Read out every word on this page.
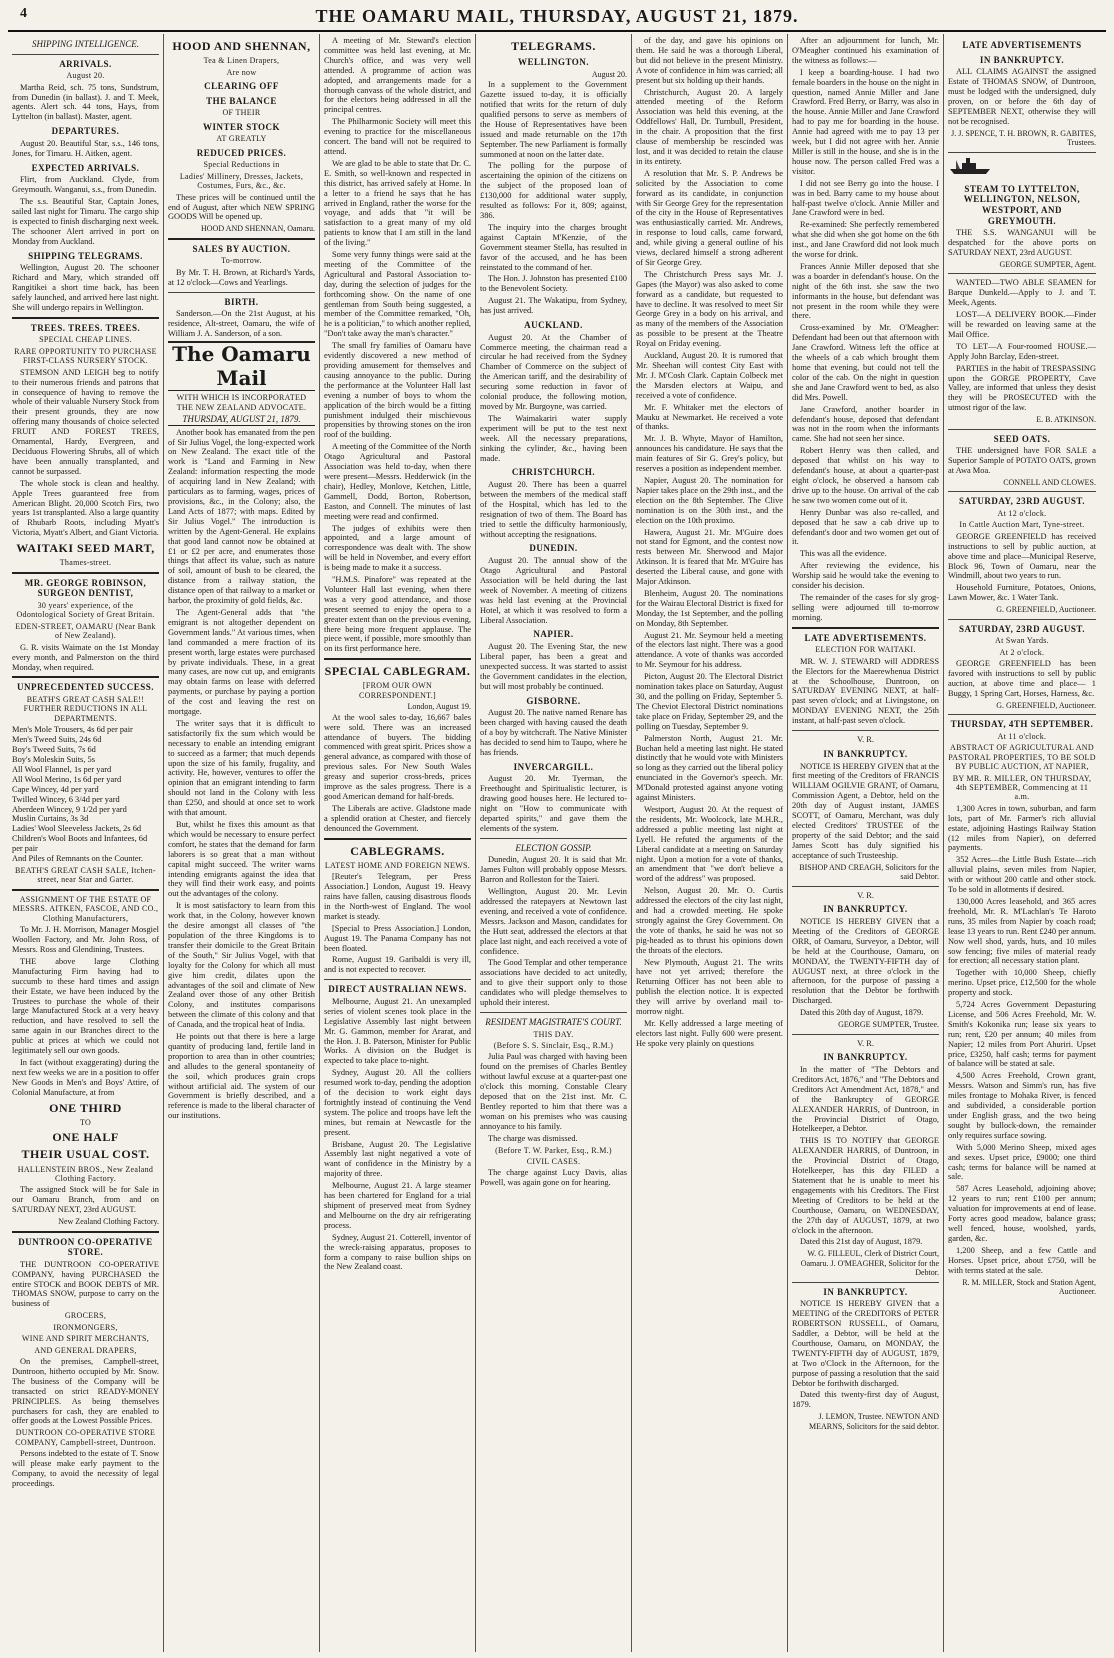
4	THE OAMARU MAIL, THURSDAY, AUGUST 21, 1879.
SHIPPING INTELLIGENCE.
ARRIVALS.
August 20.

Martha Reid, sch. 75 tons, Sundstrum, from Dunedin (in ballast). J. and T. Meek, agents. Alert sch. 44 tons, Hays, from Lyttelton (in ballast). Master, agent.

DEPARTURES.

August 20. Beautiful Star, s.s., 146 tons, Jones, for Timaru. H. Aitken, agent.

EXPECTED ARRIVALS.

Flirt, from Auckland. Clyde, from Greymouth. Wanganui, s.s., from Dunedin.

The s.s. Beautiful Star, Captain Jones, sailed last night for Timaru. The cargo ship is expected to finish discharging next week. The schooner Alert arrived in port on Monday from Auckland.

SHIPPING TELEGRAMS.

Wellington, August 20. The schooner Richard and Mary, which stranded off Rangitikei a short time back, has been safely launched, and arrived here last night. She will undergo repairs in Wellington.

TREES. TREES. TREES.
SPECIAL CHEAP LINES.
RARE OPPORTUNITY TO PURCHASE FIRST-CLASS NURSERY STOCK.

STEMSON AND LEIGH beg to notify to their numerous friends and patrons that in consequence of having to remove the whole of their valuable Nursery Stock from their present grounds, they are now offering many thousands of choice selected FRUIT AND FOREST TREES, Ornamental, Hardy, Evergreen, and Deciduous Flowering Shrubs, all of which have been annually transplanted, and cannot be surpassed.

The whole stock is clean and healthy. Apple Trees guaranteed free from American Blight. 20,000 Scotch Firs, two years 1st transplanted. Also a large quantity of Rhubarb Roots, including Myatt's Victoria, Myatt's Albert, and Giant Victoria.

WAITAKI SEED MART,
Thames-street.
MR. GEORGE ROBINSON, SURGEON DENTIST,
30 years' experience, of the Odontological Society of Great Britain.
EDEN-STREET, OAMARU (Near Bank of New Zealand).

G. R. visits Waimate on the 1st Monday every month, and Palmerston on the third Monday, when required.

UNPRECEDENTED SUCCESS.
BEATH'S GREAT CASH SALE!! FURTHER REDUCTIONS IN ALL DEPARTMENTS.
Men's Mole Trousers, 4s 6d per pair
Men's Tweed Suits, 24s 6d
Boy's Tweed Suits, 7s 6d
Boy's Moleskin Suits, 5s
All Wool Flannel, 1s per yard
All Wool Merino, 1s 6d per yard
Cape Wincey, 4d per yard
Twilled Wincey, 6 3/4d per yard
Aberdeen Wincey, 9 1/2d per yard
Muslin Curtains, 3s 3d
Ladies' Wool Sleeveless Jackets, 2s 6d
Children's Wool Boots and Infantees, 6d per pair
And Piles of Remnants on the Counter.
BEATH'S GREAT CASH SALE, Itchen-street, near Star and Garter.
ASSIGNMENT OF THE ESTATE OF MESSRS. AITKEN, FASCOE, AND CO., Clothing Manufacturers,

To Mr. J. H. Morrison, Manager Mosgiel Woollen Factory, and Mr. John Ross, of Messrs. Ross and Glendining, Trustees.

THE above large Clothing Manufacturing Firm having had to succumb to these hard times and assign their Estate, we have been induced by the Trustees to purchase the whole of their large Manufactured Stock at a very heavy reduction, and have resolved to sell the same again in our Branches direct to the public at prices at which we could not legitimately sell our own goods.

In fact (without exaggerating) during the next few weeks we are in a position to offer New Goods in Men's and Boys' Attire, of Colonial Manufacture, at from

ONE THIRD
TO
ONE HALF
THEIR USUAL COST.
HALLENSTEIN BROS., New Zealand Clothing Factory.

The assigned Stock will be for Sale in our Oamaru Branch, from and on SATURDAY NEXT, 23rd AUGUST.

New Zealand Clothing Factory.
DUNTROON CO-OPERATIVE STORE.

THE DUNTROON CO-OPERATIVE COMPANY, having PURCHASED the entire STOCK and BOOK DEBTS of MR. THOMAS SNOW, purpose to carry on the business of

GROCERS,
IRONMONGERS,
WINE AND SPIRIT MERCHANTS,
AND GENERAL DRAPERS,

On the premises, Campbell-street, Duntroon, hitherto occupied by Mr. Snow. The business of the Company will be transacted on strict READY-MONEY PRINCIPLES. As being themselves purchasers for cash, they are enabled to offer goods at the Lowest Possible Prices.

DUNTROON CO-OPERATIVE STORE COMPANY, Campbell-street, Duntroon.

Persons indebted to the estate of T. Snow will please make early payment to the Company, to avoid the necessity of legal proceedings.

HOOD AND SHENNAN,
Tea & Linen Drapers,
Are now
CLEARING OFF
THE BALANCE
OF THEIR
WINTER STOCK
AT GREATLY
REDUCED PRICES.
Special Reductions in
Ladies' Millinery, Dresses, Jackets, Costumes, Furs, &c., &c.

These prices will be continued until the end of August, after which NEW SPRING GOODS Will be opened up.

HOOD AND SHENNAN, Oamaru.
SALES BY AUCTION.
To-morrow.

By Mr. T. H. Brown, at Richard's Yards, at 12 o'clock—Cows and Yearlings.

BIRTH.

Sanderson.—On the 21st August, at his residence, Alt-street, Oamaru, the wife of William J. A. Sanderson, of a son.

The Oamaru Mail
WITH WHICH IS INCORPORATED THE NEW ZEALAND ADVOCATE.
THURSDAY, AUGUST 21, 1879.

Another book has emanated from the pen of Sir Julius Vogel, the long-expected work on New Zealand. The exact title of the work is "Land and Farming in New Zealand: information respecting the mode of acquiring land in New Zealand; with particulars as to farming, wages, prices of provisions, &c., in the Colony; also, the Land Acts of 1877; with maps. Edited by Sir Julius Vogel." The introduction is written by the Agent-General. He explains that good land cannot now be obtained at £1 or £2 per acre, and enumerates those things that affect its value, such as nature of soil, amount of bush to be cleared, the distance from a railway station, the distance open of that railway to a market or harbor, the proximity of gold fields, &c.

The Agent-General adds that "the emigrant is not altogether dependent on Government lands." At various times, when land commanded a mere fraction of its present worth, large estates were purchased by private individuals. These, in a great many cases, are now cut up, and emigrants may obtain farms on lease with deferred payments, or purchase by paying a portion of the cost and leaving the rest on mortgage.

The writer says that it is difficult to satisfactorily fix the sum which would be necessary to enable an intending emigrant to succeed as a farmer; that much depends upon the size of his family, frugality, and activity. He, however, ventures to offer the opinion that an emigrant intending to farm should not land in the Colony with less than £250, and should at once set to work with that amount.

But, whilst he fixes this amount as that which would be necessary to ensure perfect comfort, he states that the demand for farm laborers is so great that a man without capital might succeed. The writer warns intending emigrants against the idea that they will find their work easy, and points out the advantages of the colony.

It is most satisfactory to learn from this work that, in the Colony, however known the desire amongst all classes of "the population of the three Kingdoms is to transfer their domicile to the Great Britain of the South," Sir Julius Vogel, with that loyalty for the Colony for which all must give him credit, dilates upon the advantages of the soil and climate of New Zealand over those of any other British Colony, and institutes comparisons between the climate of this colony and that of Canada, and the tropical heat of India.

He points out that there is here a large quantity of producing land, fertile land in proportion to area than in other countries; and alludes to the general spontaneity of the soil, which produces grain crops without artificial aid. The system of our Government is briefly described, and a reference is made to the liberal character of our institutions.

A meeting of Mr. Steward's election committee was held last evening, at Mr. Church's office, and was very well attended. A programme of action was adopted, and arrangements made for a thorough canvass of the whole district, and for the electors being addressed in all the principal centres.

The Philharmonic Society will meet this evening to practice for the miscellaneous concert. The band will not be required to attend.

We are glad to be able to state that Dr. C. E. Smith, so well-known and respected in this district, has arrived safely at Home. In a letter to a friend he says that he has arrived in England, rather the worse for the voyage, and adds that "it will be satisfaction to a great many of my old patients to know that I am still in the land of the living."

Some very funny things were said at the meeting of the Committee of the Agricultural and Pastoral Association to-day, during the selection of judges for the forthcoming show. On the name of one gentleman from South being suggested, a member of the Committee remarked, "Oh, he is a politician," to which another replied, "Don't take away the man's character."

The small fry families of Oamaru have evidently discovered a new method of providing amusement for themselves and causing annoyance to the public. During the performance at the Volunteer Hall last evening a number of boys to whom the application of the birch would be a fitting punishment indulged their mischievous propensities by throwing stones on the iron roof of the building.

A meeting of the Committee of the North Otago Agricultural and Pastoral Association was held to-day, when there were present—Messrs. Hedderwick (in the chair), Hedley, Monlove, Ketchen, Little, Gammell, Dodd, Borton, Robertson, Easton, and Connell. The minutes of last meeting were read and confirmed.

The judges of exhibits were then appointed, and a large amount of correspondence was dealt with. The show will be held in November, and every effort is being made to make it a success.

"H.M.S. Pinafore" was repeated at the Volunteer Hall last evening, when there was a very good attendance, and those present seemed to enjoy the opera to a greater extent than on the previous evening, there being more frequent applause. The piece went, if possible, more smoothly than on its first performance here.

SPECIAL CABLEGRAM.
[FROM OUR OWN CORRESPONDENT.]
London, August 19.

At the wool sales to-day, 16,667 bales were sold. There was an increased attendance of buyers. The bidding commenced with great spirit. Prices show a general advance, as compared with those of previous sales. For New South Wales greasy and superior cross-breds, prices improve as the sales progress. There is a good American demand for half-breds.

The Liberals are active. Gladstone made a splendid oration at Chester, and fiercely denounced the Government.

CABLEGRAMS.
LATEST HOME AND FOREIGN NEWS.

[Reuter's Telegram, per Press Association.] London, August 19. Heavy rains have fallen, causing disastrous floods in the North-west of England. The wool market is steady.

[Special to Press Association.] London, August 19. The Panama Company has not been floated.

Rome, August 19. Garibaldi is very ill, and is not expected to recover.

DIRECT AUSTRALIAN NEWS.

Melbourne, August 21. An unexampled series of violent scenes took place in the Legislative Assembly last night between Mr. G. Gammon, member for Ararat, and the Hon. J. B. Paterson, Minister for Public Works. A division on the Budget is expected to take place to-night.

Sydney, August 20. All the colliers resumed work to-day, pending the adoption of the decision to work eight days fortnightly instead of continuing the Vend system. The police and troops have left the mines, but remain at Newcastle for the present.

Brisbane, August 20. The Legislative Assembly last night negatived a vote of want of confidence in the Ministry by a majority of three.

Melbourne, August 21. A large steamer has been chartered for England for a trial shipment of preserved meat from Sydney and Melbourne on the dry air refrigerating process.

Sydney, August 21. Cotterell, inventor of the wreck-raising apparatus, proposes to form a company to raise bullion ships on the New Zealand coast.

TELEGRAMS.
WELLINGTON.
August 20.

In a supplement to the Government Gazette issued to-day, it is officially notified that writs for the return of duly qualified persons to serve as members of the House of Representatives have been issued and made returnable on the 17th September. The new Parliament is formally summoned at noon on the latter date.

The polling for the purpose of ascertaining the opinion of the citizens on the subject of the proposed loan of £130,000 for additional water supply, resulted as follows: For it, 809; against, 386.

The inquiry into the charges brought against Captain M'Kenzie, of the Government steamer Stella, has resulted in favor of the accused, and he has been reinstated to the command of her.

The Hon. J. Johnston has presented £100 to the Benevolent Society.

August 21. The Wakatipu, from Sydney, has just arrived.

AUCKLAND.

August 20. At the Chamber of Commerce meeting, the chairman read a circular he had received from the Sydney Chamber of Commerce on the subject of the American tariff, and the desirability of securing some reduction in favor of colonial produce, the following motion, moved by Mr. Burgoyne, was carried.

The Waimakariri water supply experiment will be put to the test next week. All the necessary preparations, sinking the cylinder, &c., having been made.

CHRISTCHURCH.

August 20. There has been a quarrel between the members of the medical staff of the Hospital, which has led to the resignation of two of them. The Board has tried to settle the difficulty harmoniously, without accepting the resignations.

DUNEDIN.

August 20. The annual show of the Otago Agricultural and Pastoral Association will be held during the last week of November. A meeting of citizens was held last evening at the Provincial Hotel, at which it was resolved to form a Liberal Association.

NAPIER.

August 20. The Evening Star, the new Liberal paper, has been a great and unexpected success. It was started to assist the Government candidates in the election, but will most probably be continued.

GISBORNE.

August 20. The native named Renare has been charged with having caused the death of a boy by witchcraft. The Native Minister has decided to send him to Taupo, where he has friends.

INVERCARGILL.

August 20. Mr. Tyerman, the Freethought and Spiritualistic lecturer, is drawing good houses here. He lectured to-night on "How to communicate with departed spirits," and gave them the elements of the system.

ELECTION GOSSIP.

Dunedin, August 20. It is said that Mr. James Fulton will probably oppose Messrs. Barron and Rolleston for the Taieri.

Wellington, August 20. Mr. Levin addressed the ratepayers at Newtown last evening, and received a vote of confidence. Messrs. Jackson and Mason, candidates for the Hutt seat, addressed the electors at that place last night, and each received a vote of confidence.

The Good Templar and other temperance associations have decided to act unitedly, and to give their support only to those candidates who will pledge themselves to uphold their interest.

RESIDENT MAGISTRATE'S COURT.
THIS DAY.
(Before S. S. Sinclair, Esq., R.M.)

Julia Paul was charged with having been found on the premises of Charles Bentley without lawful excuse at a quarter-past one o'clock this morning. Constable Cleary deposed that on the 21st inst. Mr. C. Bentley reported to him that there was a woman on his premises who was causing annoyance to his family.

The charge was dismissed.

(Before T. W. Parker, Esq., R.M.)
CIVIL CASES.

The charge against Lucy Davis, alias Powell, was again gone on for hearing.

of the day, and gave his opinions on them. He said he was a thorough Liberal, but did not believe in the present Ministry. A vote of confidence in him was carried; all present but six holding up their hands.

Christchurch, August 20. A largely attended meeting of the Reform Association was held this evening, at the Oddfellows' Hall, Dr. Turnbull, President, in the chair. A proposition that the first clause of membership be rescinded was lost, and it was decided to retain the clause in its entirety.

A resolution that Mr. S. P. Andrews be solicited by the Association to come forward as its candidate, in conjunction with Sir George Grey for the representation of the city in the House of Representatives was enthusiastically carried. Mr. Andrews, in response to loud calls, came forward, and, while giving a general outline of his views, declared himself a strong adherent of Sir George Grey.

The Christchurch Press says Mr. J. Gapes (the Mayor) was also asked to come forward as a candidate, but requested to have to decline. It was resolved to meet Sir George Grey in a body on his arrival, and as many of the members of the Association as possible to be present at the Theatre Royal on Friday evening.

Auckland, August 20. It is rumored that Mr. Sheehan will contest City East with Mr. J. M'Cosh Clark. Captain Colbeck met the Marsden electors at Waipu, and received a vote of confidence.

Mr. F. Whitaker met the electors of Mauku at Newmarket. He received a vote of thanks.

Mr. J. B. Whyte, Mayor of Hamilton, announces his candidature. He says that the main features of Sir G. Grey's policy, but reserves a position as independent member.

Napier, August 20. The nomination for Napier takes place on the 29th inst., and the election on the 8th September. The Clive nomination is on the 30th inst., and the election on the 10th proximo.

Hawera, August 21. Mr. M'Guire does not stand for Egmont, and the contest now rests between Mr. Sherwood and Major Atkinson. It is feared that Mr. M'Guire has deserted the Liberal cause, and gone with Major Atkinson.

Blenheim, August 20. The nominations for the Wairau Electoral District is fixed for Monday, the 1st September, and the polling on Monday, 8th September.

August 21. Mr. Seymour held a meeting of the electors last night. There was a good attendance. A vote of thanks was accorded to Mr. Seymour for his address.

Picton, August 20. The Electoral District nomination takes place on Saturday, August 30, and the polling on Friday, September 5. The Cheviot Electoral District nominations take place on Friday, September 29, and the polling on Tuesday, September 9.

Palmerston North, August 21. Mr. Buchan held a meeting last night. He stated distinctly that he would vote with Ministers so long as they carried out the liberal policy enunciated in the Governor's speech. Mr. M'Donald protested against anyone voting against Ministers.

Westport, August 20. At the request of the residents, Mr. Woolcock, late M.H.R., addressed a public meeting last night at Lyell. He refuted the arguments of the Liberal candidate at a meeting on Saturday night. Upon a motion for a vote of thanks, an amendment that "we don't believe a word of the address" was proposed.

Nelson, August 20. Mr. O. Curtis addressed the electors of the city last night, and had a crowded meeting. He spoke strongly against the Grey Government. On the vote of thanks, he said he was not so pig-headed as to thrust his opinions down the throats of the electors.

New Plymouth, August 21. The writs have not yet arrived; therefore the Returning Officer has not been able to publish the election notice. It is expected they will arrive by overland mail to-morrow night.

Mr. Kelly addressed a large meeting of electors last night. Fully 600 were present. He spoke very plainly on questions

After an adjournment for lunch, Mr. O'Meagher continued his examination of the witness as follows:—

I keep a boarding-house. I had two female boarders in the house on the night in question, named Annie Miller and Jane Crawford. Fred Berry, or Barry, was also in the house. Annie Miller and Jane Crawford had to pay me for boarding in the house. Annie had agreed with me to pay 13 per week, but I did not agree with her. Annie Miller is still in the house, and she is in the house now. The person called Fred was a visitor.

I did not see Berry go into the house. I was in bed. Barry came to my house about half-past twelve o'clock. Annie Miller and Jane Crawford were in bed.

Re-examined: She perfectly remembered what she did when she got home on the 6th inst., and Jane Crawford did not look much the worse for drink.

Frances Annie Miller deposed that she was a boarder in defendant's house. On the night of the 6th inst. she saw the two informants in the house, but defendant was not present in the room while they were there.

Cross-examined by Mr. O'Meagher: Defendant had been out that afternoon with Jane Crawford. Witness left the office at the wheels of a cab which brought them home that evening, but could not tell the color of the cab. On the night in question she and Jane Crawford went to bed, as also did Mrs. Powell.

Jane Crawford, another boarder in defendant's house, deposed that defendant was not in the room when the informants came. She had not seen her since.

Robert Henry was then called, and deposed that whilst on his way to defendant's house, at about a quarter-past eight o'clock, he observed a hansom cab drive up to the house. On arrival of the cab he saw two women come out of it.

Henry Dunbar was also re-called, and deposed that he saw a cab drive up to defendant's door and two women get out of it.

This was all the evidence.

After reviewing the evidence, his Worship said he would take the evening to consider his decision.

The remainder of the cases for sly grog-selling were adjourned till to-morrow morning.

LATE ADVERTISEMENTS.
ELECTION FOR WAITAKI.

MR. W. J. STEWARD will ADDRESS the Electors for the Maerewhenua District at the Schoolhouse, Duntroon, on SATURDAY EVENING NEXT, at half-past seven o'clock; and at Livingstone, on MONDAY EVENING NEXT, the 25th instant, at half-past seven o'clock.

V. R.
IN BANKRUPTCY.

NOTICE IS HEREBY GIVEN that at the first meeting of the Creditors of FRANCIS WILLIAM OGILVIE GRANT, of Oamaru, Commission Agent, a Debtor, held on the 20th day of August instant, JAMES SCOTT, of Oamaru, Merchant, was duly elected Creditors' TRUSTEE of the property of the said Debtor; and the said James Scott has duly signified his acceptance of such Trusteeship.

BISHOP AND CREAGH, Solicitors for the said Debtor.
V. R.
IN BANKRUPTCY.

NOTICE IS HEREBY GIVEN that a Meeting of the Creditors of GEORGE ORR, of Oamaru, Surveyor, a Debtor, will be held at the Courthouse, Oamaru, on MONDAY, the TWENTY-FIFTH day of AUGUST next, at three o'clock in the afternoon, for the purpose of passing a resolution that the Debtor be forthwith Discharged.

Dated this 20th day of August, 1879.

GEORGE SUMPTER, Trustee.
V. R.
IN BANKRUPTCY.

In the matter of "The Debtors and Creditors Act, 1876," and "The Debtors and Creditors Act Amendment Act, 1878," and of the Bankruptcy of GEORGE ALEXANDER HARRIS, of Duntroon, in the Provincial District of Otago, Hotelkeeper, a Debtor.

THIS IS TO NOTIFY that GEORGE ALEXANDER HARRIS, of Duntroon, in the Provincial District of Otago, Hotelkeeper, has this day FILED a Statement that he is unable to meet his engagements with his Creditors. The First Meeting of Creditors to be held at the Courthouse, Oamaru, on WEDNESDAY, the 27th day of AUGUST, 1879, at two o'clock in the afternoon.

Dated this 21st day of August, 1879.

W. G. FILLEUL, Clerk of District Court, Oamaru. J. O'MEAGHER, Solicitor for the Debtor.
IN BANKRUPTCY.

NOTICE IS HEREBY GIVEN that a MEETING of the CREDITORS of PETER ROBERTSON RUSSELL, of Oamaru, Saddler, a Debtor, will be held at the Courthouse, Oamaru, on MONDAY, the TWENTY-FIFTH day of AUGUST, 1879, at Two o'Clock in the Afternoon, for the purpose of passing a resolution that the said Debtor be forthwith discharged.

Dated this twenty-first day of August, 1879.

J. LEMON, Trustee. NEWTON AND MEARNS, Solicitors for the said debtor.
LATE ADVERTISEMENTS
IN BANKRUPTCY.

ALL CLAIMS AGAINST the assigned Estate of THOMAS SNOW, of Duntroon, must be lodged with the undersigned, duly proven, on or before the 6th day of SEPTEMBER NEXT, otherwise they will not be recognised.

J. J. SPENCE, T. H. BROWN, R. GABITES, Trustees.
STEAM TO LYTTELTON, WELLINGTON, NELSON, WESTPORT, AND GREYMOUTH.

THE S.S. WANGANUI will be despatched for the above ports on SATURDAY NEXT, 23rd AUGUST.

GEORGE SUMPTER, Agent.

WANTED—TWO ABLE SEAMEN for Barque Dunkeld.—Apply to J. and T. Meek, Agents.

LOST—A DELIVERY BOOK.—Finder will be rewarded on leaving same at the Mail Office.

TO LET—A Four-roomed HOUSE.—Apply John Barclay, Eden-street.

PARTIES in the habit of TRESPASSING upon the GORGE PROPERTY, Cave Valley, are informed that unless they desist they will be PROSECUTED with the utmost rigor of the law.

E. B. ATKINSON.
SEED OATS.

THE undersigned have FOR SALE a Superior Sample of POTATO OATS, grown at Awa Moa.

CONNELL AND CLOWES.
SATURDAY, 23RD AUGUST.
At 12 o'clock.
In Cattle Auction Mart, Tyne-street.

GEORGE GREENFIELD has received instructions to sell by public auction, at above time and place—Municipal Reserve, Block 96, Town of Oamaru, near the Windmill, about two years to run.

Household Furniture, Potatoes, Onions, Lawn Mower, &c. 1 Water Tank.

G. GREENFIELD, Auctioneer.
SATURDAY, 23RD AUGUST.
At Swan Yards.
At 2 o'clock.

GEORGE GREENFIELD has been favored with instructions to sell by public auction, at above time and place— 1 Buggy, 1 Spring Cart, Horses, Harness, &c.

G. GREENFIELD, Auctioneer.
THURSDAY, 4TH SEPTEMBER.
At 11 o'clock.
ABSTRACT OF AGRICULTURAL AND PASTORAL PROPERTIES, TO BE SOLD BY PUBLIC AUCTION, AT NAPIER,
BY MR. R. MILLER, ON THURSDAY, 4th SEPTEMBER, Commencing at 11 a.m.

1,300 Acres in town, suburban, and farm lots, part of Mr. Farmer's rich alluvial estate, adjoining Hastings Railway Station (12 miles from Napier), on deferred payments.

352 Acres—the Little Bush Estate—rich alluvial plains, seven miles from Napier, with or without 200 cattle and other stock. To be sold in allotments if desired.

130,000 Acres leasehold, and 365 acres freehold, Mr. R. M'Lachlan's Te Haroto runs, 35 miles from Napier by coach road; lease 13 years to run. Rent £240 per annum. Now well shod, yards, huts, and 10 miles sow fencing; five miles of material ready for erection; all necessary station plant.

Together with 10,000 Sheep, chiefly merino. Upset price, £12,500 for the whole property and stock.

5,724 Acres Government Depasturing License, and 506 Acres Freehold, Mr. W. Smith's Kokonika run; lease six years to run; rent, £20 per annum; 40 miles from Napier; 12 miles from Port Ahuriri. Upset price, £3250, half cash; terms for payment of balance will be stated at sale.

4,500 Acres Freehold, Crown grant, Messrs. Watson and Simm's run, has five miles frontage to Mohaka River, is fenced and subdivided, a considerable portion under English grass, and the two being sought by bullock-down, the remainder only requires surface sowing.

With 5,000 Merino Sheep, mixed ages and sexes. Upset price, £9000; one third cash; terms for balance will be named at sale.

587 Acres Leasehold, adjoining above; 12 years to run; rent £100 per annum; valuation for improvements at end of lease. Forty acres good meadow, balance grass; well fenced, house, woolshed, yards, garden, &c.

1,200 Sheep, and a few Cattle and Horses. Upset price, about £750, will be with terms stated at the sale.

R. M. MILLER, Stock and Station Agent, Auctioneer.
